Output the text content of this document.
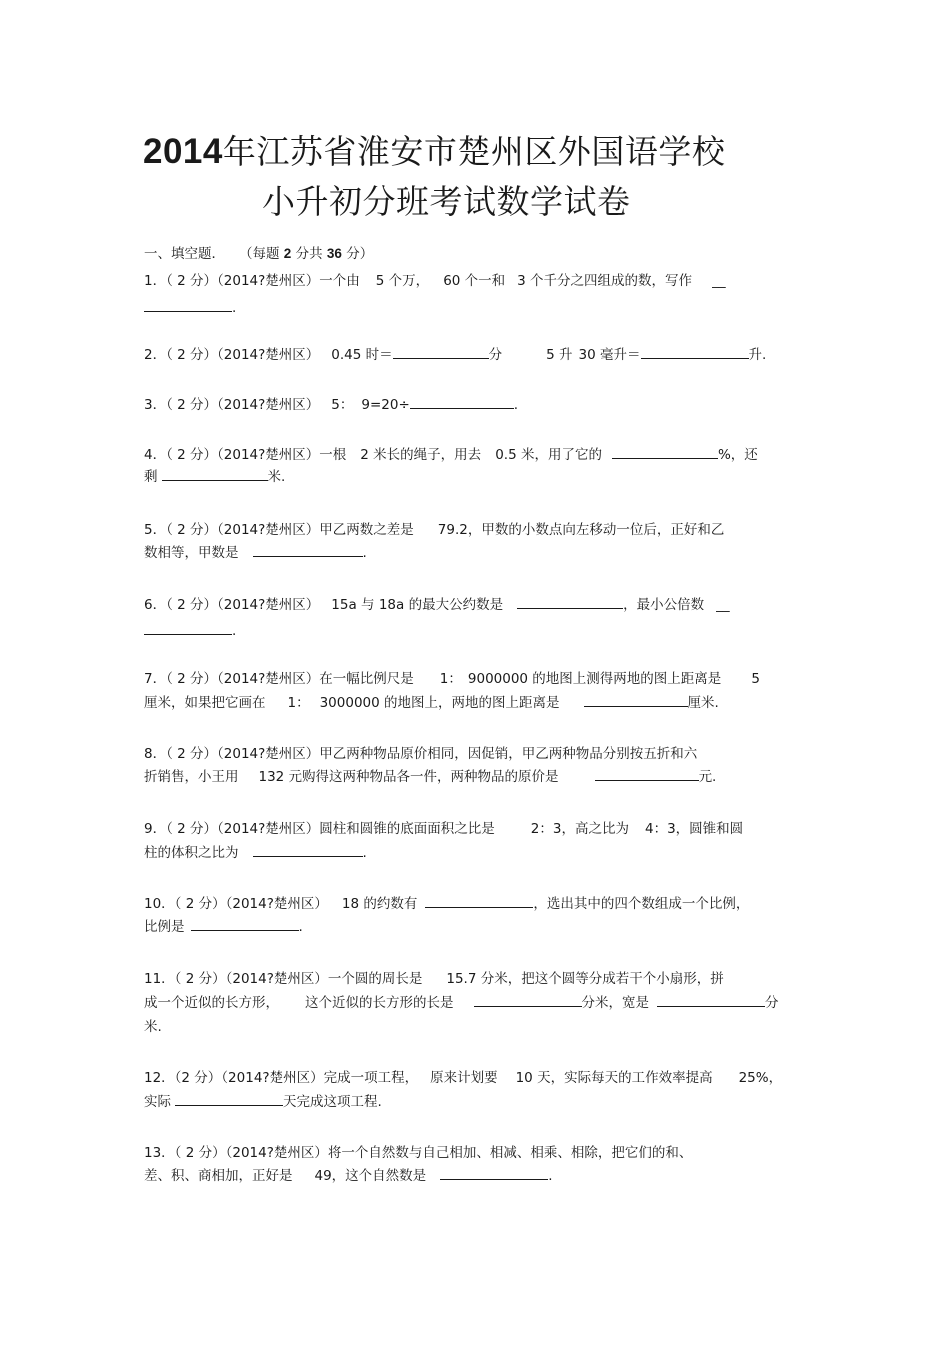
2014年江苏省淮安市楚州区外国语学校
小升初分班考试数学试卷
一、填空题． （每题 2 分共 36 分）
1．（ 2 分）（2014?楚州区）一个由 5 个万， 60 个一和 3 个千分之四组成的数，写作 __
.
2．（ 2 分）（2014?楚州区） 0.45 时＝	分	5 升 30 毫升＝	升.
3．（ 2 分）（2014?楚州区） 5： 9=20÷	.
4．（ 2 分）（2014?楚州区）一根 2 米长的绳子，用去 0.5 米，用了它的	%，还
剩	米.
5．（ 2 分）（2014?楚州区）甲乙两数之差是 79.2，甲数的小数点向左移动一位后，正好和乙
数相等，甲数是	.
6．（ 2 分）（2014?楚州区） 15a 与 18a 的最大公约数是	，最小公倍数 __
.
7．（ 2 分）（2014?楚州区）在一幅比例尺是 1： 9000000 的地图上测得两地的图上距离是 5
厘米，如果把它画在 1： 3000000 的地图上，两地的图上距离是	厘米.
8．（ 2 分）（2014?楚州区）甲乙两种物品原价相同，因促销，甲乙两种物品分别按五折和六
折销售，小王用 132 元购得这两种物品各一件，两种物品的原价是	元.
9．（ 2 分）（2014?楚州区）圆柱和圆锥的底面面积之比是	2：3，高之比为 4：3，圆锥和圆
柱的体积之比为	.
10．（ 2 分）（2014?楚州区） 18 的约数有	，选出其中的四个数组成一个比例，
比例是	.
11．（ 2 分）（2014?楚州区）一个圆的周长是 15.7 分米，把这个圆等分成若干个小扇形，拼
成一个近似的长方形， 这个近似的长方形的长是	分米，宽是	分
米.
12．（2 分）（2014?楚州区）完成一项工程， 原来计划要 10 天，实际每天的工作效率提高 25%，
实际	天完成这项工程.
13．（ 2 分）（2014?楚州区）将一个自然数与自己相加、相减、相乘、相除，把它们的和、
差、积、商相加，正好是 49，这个自然数是	.
